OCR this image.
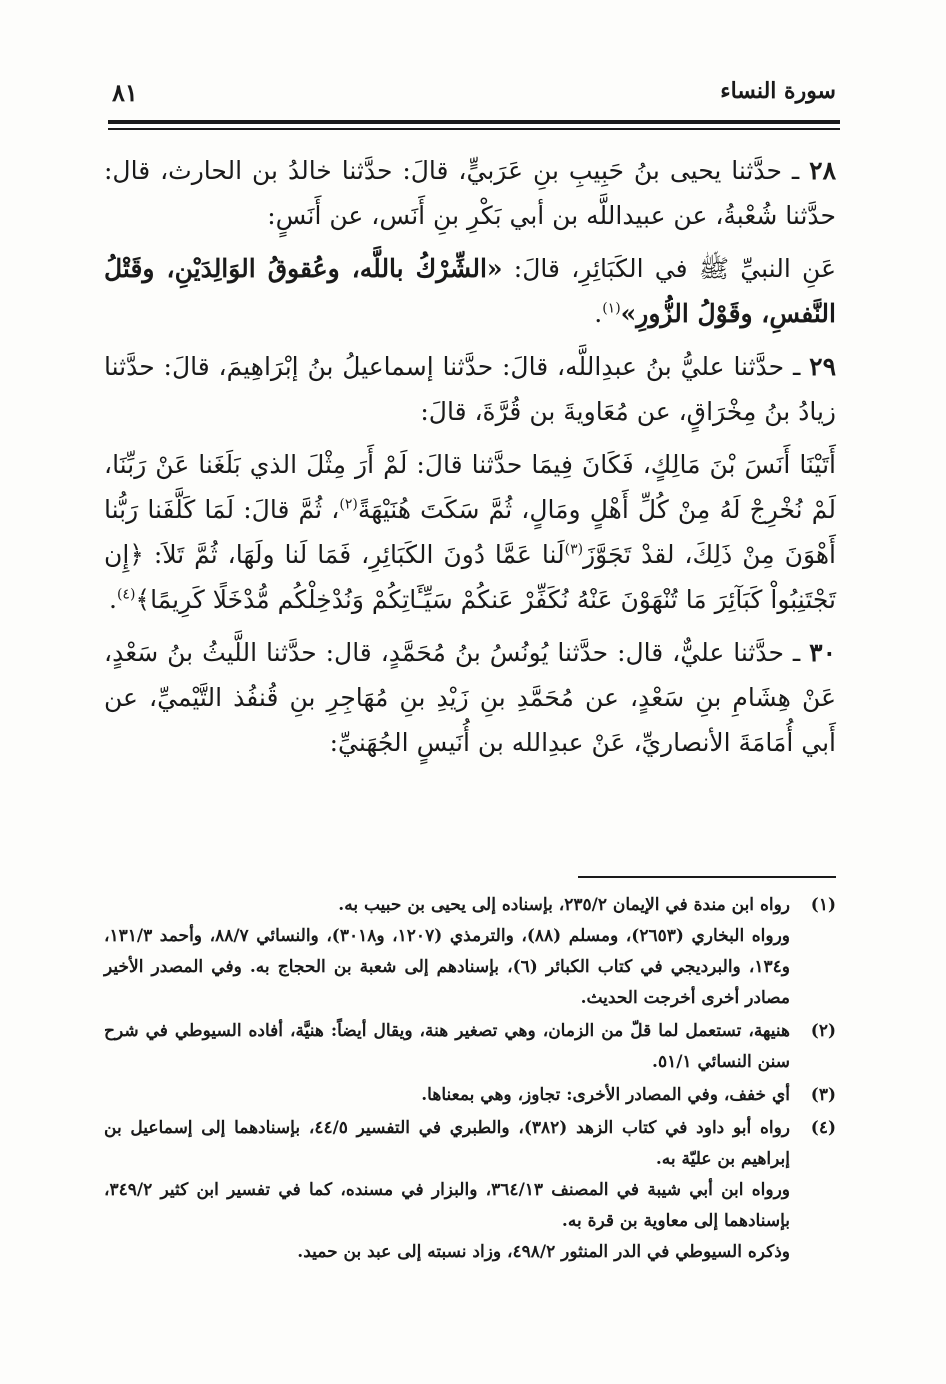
سورة النساء
٨١

٢٨ ـ حدَّثنا يحيى بنُ حَبِيبِ بنِ عَرَبيٍّ، قالَ: حدَّثنا خالدُ بن الحارث، قال: حدَّثنا شُعْبةُ، عن عبيداللَّه بن أبي بَكْرِ بنِ أَنَس، عن أَنَسٍ:

عَنِ النبيِّ ﷺ في الكَبَائِرِ، قالَ: «الشِّرْكُ باللَّه، وعُقوقُ الوَالِدَيْنِ، وقَتْلُ النَّفسِ، وقَوْلُ الزُّورِ»$^{(١)}$.

٢٩ ـ حدَّثنا عليُّ بنُ عبدِاللَّه، قالَ: حدَّثنا إسماعيلُ بنُ إبْرَاهِيمَ، قالَ: حدَّثنا زيادُ بنُ مِخْرَاقٍ، عن مُعَاويةَ بن قُرَّةَ، قالَ:

أَتَيْنَا أَنَسَ بْنَ مَالِكٍ، فَكَانَ فِيمَا حدَّثنا قالَ: لَمْ أَرَ مِثْلَ الذي بَلَغَنا عَنْ رَبِّنَا، لَمْ نُخْرِجْ لَهُ مِنْ كُلِّ أَهْلٍ ومَالٍ، ثُمَّ سَكَتَ هُنَيْهَةً$^{(٢)}$، ثُمَّ قالَ: لَمَا كَلَّفَنا رَبُّنا أَهْوَنَ مِنْ ذَلِكَ، لقدْ تَجَوَّزَ$^{(٣)}$لَنا عَمَّا دُونَ الكَبَائِرِ، فَمَا لَنا ولَهَا، ثُمَّ تَلاَ: ﴿إِن تَجْتَنِبُواْ كَبَآئِرَ مَا تُنْهَوْنَ عَنْهُ نُكَفِّرْ عَنكُمْ سَيِّـَٔاتِكُمْ وَنُدْخِلْكُم مُّدْخَلًا كَرِيمًا﴾$^{(٤)}$.

٣٠ ـ حدَّثنا عليٌّ، قال: حدَّثنا يُونُسُ بنُ مُحَمَّدٍ، قال: حدَّثنا اللَّيثُ بنُ سَعْدٍ، عَنْ هِشَامِ بنِ سَعْدٍ، عن مُحَمَّدِ بنِ زَيْدِ بنِ مُهَاجِرِ بنِ قُنفُذ التَّيْميِّ، عن أَبي أُمَامَةَ الأنصاريِّ، عَنْ عبدِالله بن أُنَيسٍ الجُهَنيِّ:

(١)
رواه ابن مندة في الإيمان ٢٣٥/٢، بإسناده إلى يحيى بن حبيب به.
ورواه البخاري (٢٦٥٣)، ومسلم (٨٨)، والترمذي (١٢٠٧، و٣٠١٨)، والنسائي ٨٨/٧، وأحمد ١٣١/٣، و١٣٤، والبرديجي في كتاب الكبائر (٦)، بإسنادهم إلى شعبة بن الحجاج به. وفي المصدر الأخير مصادر أخرى أخرجت الحديث.
(٢)
هنيهة، تستعمل لما قلّ من الزمان، وهي تصغير هنة، ويقال أيضاً: هنيَّة، أفاده السيوطي في شرح سنن النسائي ٥١/١.
(٣)
أي خفف، وفي المصادر الأخرى: تجاوز، وهي بمعناها.
(٤)
رواه أبو داود في كتاب الزهد (٣٨٢)، والطبري في التفسير ٤٤/٥، بإسنادهما إلى إسماعيل بن إبراهيم بن عليّة به.
ورواه ابن أبي شيبة في المصنف ٣٦٤/١٣، والبزار في مسنده، كما في تفسير ابن كثير ٣٤٩/٢، بإسنادهما إلى معاوية بن قرة به.
وذكره السيوطي في الدر المنثور ٤٩٨/٢، وزاد نسبته إلى عبد بن حميد.
